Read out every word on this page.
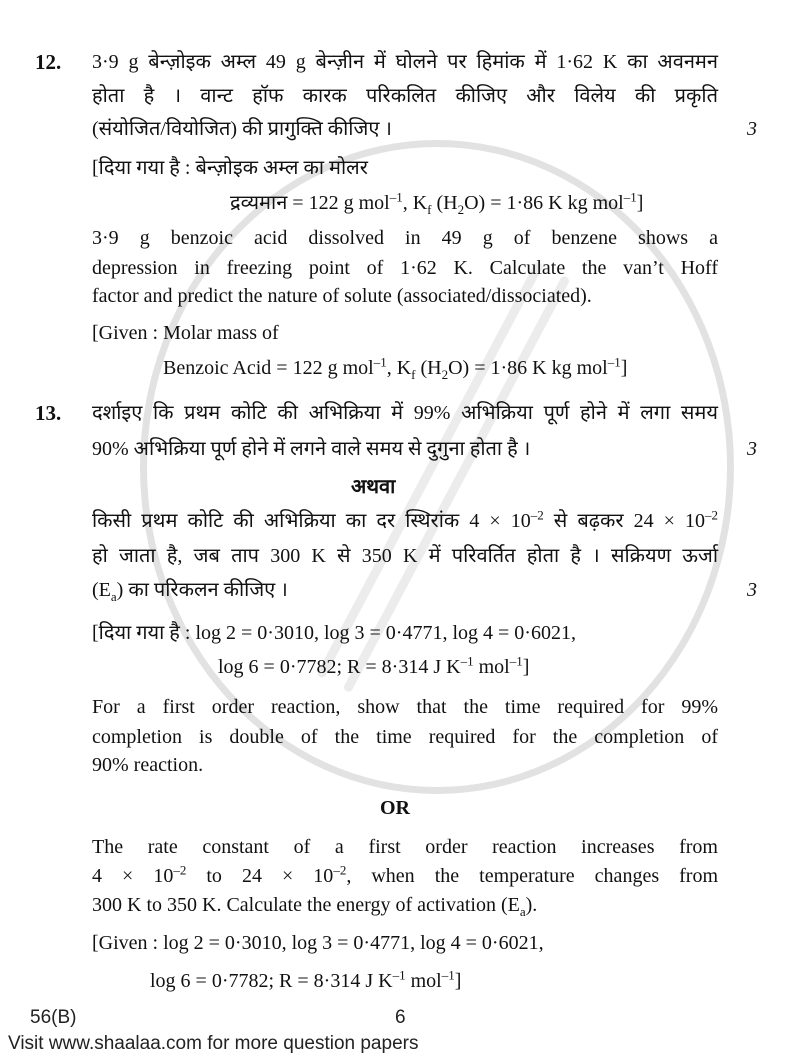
12.
3
3·9 g बेन्ज़ोइक अम्ल 49 g बेन्ज़ीन में घोलने पर हिमांक में 1·62 K का अवनमन
होता है । वान्ट हॉफ कारक परिकलित कीजिए और विलेय की प्रकृति
(संयोजित/वियोजित) की प्रागुक्ति कीजिए ।
[दिया गया है : बेन्ज़ोइक अम्ल का मोलर
द्रव्यमान = 122 g mol$^{-1}$, $K_f$ $(H_2O) = 1\cdot 86$ K kg mol$^{-1}$]
3·9 g benzoic acid dissolved in 49 g of benzene shows a
depression in freezing point of 1·62 K. Calculate the van’t Hoff
factor and predict the nature of solute (associated/dissociated).
[Given : Molar mass of
Benzoic Acid = 122 g mol$^{-1}$, $K_f$ $(H_2O) = 1\cdot 86$ K kg mol$^{-1}$]
13.
3
3
अथवा
OR
दर्शाइए कि प्रथम कोटि की अभिक्रिया में 99% अभिक्रिया पूर्ण होने में लगा समय
90% अभिक्रिया पूर्ण होने में लगने वाले समय से दुगुना होता है ।
किसी प्रथम कोटि की अभिक्रिया का दर स्थिरांक $4 \times 10^{-2}$ से बढ़कर $24 \times 10^{-2}$
हो जाता है, जब ताप 300 K से 350 K में परिवर्तित होता है । सक्रियण ऊर्जा
$(E_a)$ का परिकलन कीजिए ।
[दिया गया है : log 2 = 0·3010, log 3 = 0·4771, log 4 = 0·6021,
log 6 = 0·7782; R = 8·314 J $K^{-1}$ mol$^{-1}$]
For a first order reaction, show that the time required for 99%
completion is double of the time required for the completion of
90% reaction.
The rate constant of a first order reaction increases from
$4 \times 10^{-2}$ to $24 \times 10^{-2}$, when the temperature changes from
300 K to 350 K. Calculate the energy of activation $(E_a)$.
[Given : log 2 = 0·3010, log 3 = 0·4771, log 4 = 0·6021,
log 6 = 0·7782; R = 8·314 J $K^{-1}$ mol$^{-1}$]
56(B)	6
Visit www.shaalaa.com for more question papers
